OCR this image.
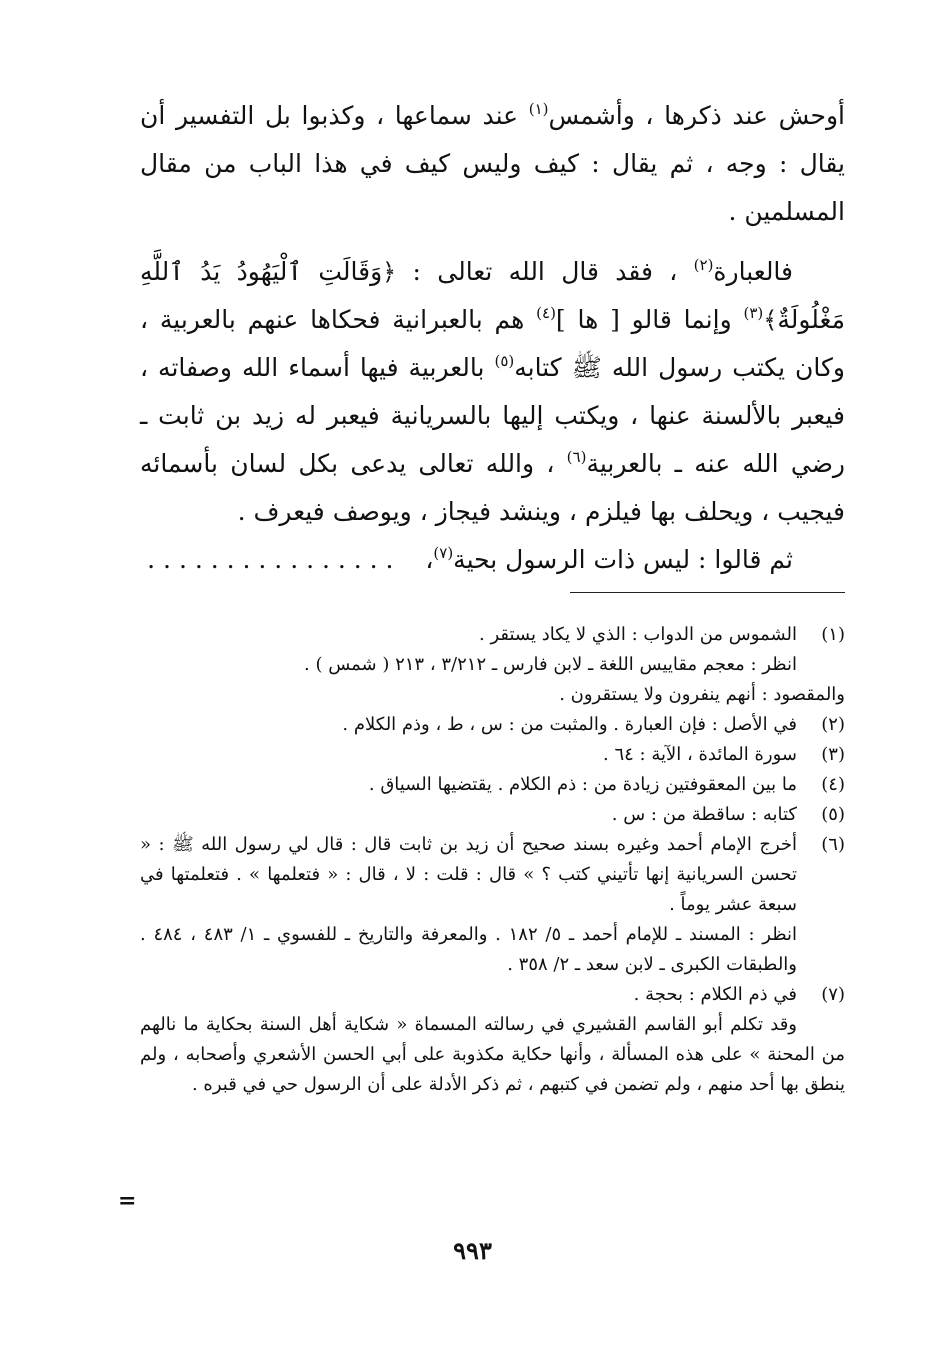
أوحش عند ذكرها ، وأشمس$^{(١)}$ عند سماعها ، وكذبوا بل التفسير أن يقال : وجه ، ثم يقال : كيف وليس كيف في هذا الباب من مقال المسلمين .

فالعبارة$^{(٢)}$ ، فقد قال الله تعالى : ﴿وَقَالَتِ ٱلْيَهُودُ يَدُ ٱللَّهِ مَغْلُولَةٌ﴾$^{(٣)}$ وإنما قالو [ ها ]$^{(٤)}$ هم بالعبرانية فحكاها عنهم بالعربية ، وكان يكتب رسول الله ﷺ كتابه$^{(٥)}$ بالعربية فيها أسماء الله وصفاته ، فيعبر بالألسنة عنها ، ويكتب إليها بالسريانية فيعبر له زيد بن ثابت ـ رضي الله عنه ـ بالعربية$^{(٦)}$ ، والله تعالى يدعى بكل لسان بأسمائه فيجيب ، ويحلف بها فيلزم ، وينشد فيجاز ، ويوصف فيعرف .

ثم قالوا : ليس ذات الرسول بحية$^{(٧)}$،    . . . . . . . . . . . . . . . .

(١)
الشموس من الدواب : الذي لا يكاد يستقر .
انظر : معجم مقاييس اللغة ـ لابن فارس ـ ٣/٢١٢ ، ٢١٣ ( شمس ) .
والمقصود : أنهم ينفرون ولا يستقرون .
(٢)
في الأصل : فإن العبارة . والمثبت من : س ، ط ، وذم الكلام .
(٣)
سورة المائدة ، الآية : ٦٤ .
(٤)
ما بين المعقوفتين زيادة من : ذم الكلام . يقتضيها السياق .
(٥)
كتابه : ساقطة من : س .
(٦)
أخرج الإمام أحمد وغيره بسند صحيح أن زيد بن ثابت قال : قال لي رسول الله ﷺ : « تحسن السريانية إنها تأتيني كتب ؟ » قال : قلت : لا ، قال : « فتعلمها » . فتعلمتها في سبعة عشر يوماً .
انظر : المسند ـ للإمام أحمد ـ ٥/ ١٨٢ . والمعرفة والتاريخ ـ للفسوي ـ ١/ ٤٨٣ ، ٤٨٤ . والطبقات الكبرى ـ لابن سعد ـ ٢/ ٣٥٨ .
(٧)
في ذم الكلام : بحجة .
وقد تكلم أبو القاسم القشيري في رسالته المسماة « شكاية أهل السنة بحكاية ما نالهم من المحنة » على هذه المسألة ، وأنها حكاية مكذوبة على أبي الحسن الأشعري وأصحابه ، ولم ينطق بها أحد منهم ، ولم تضمن في كتبهم ، ثم ذكر الأدلة على أن الرسول حي في قبره .
=
٩٩٣
